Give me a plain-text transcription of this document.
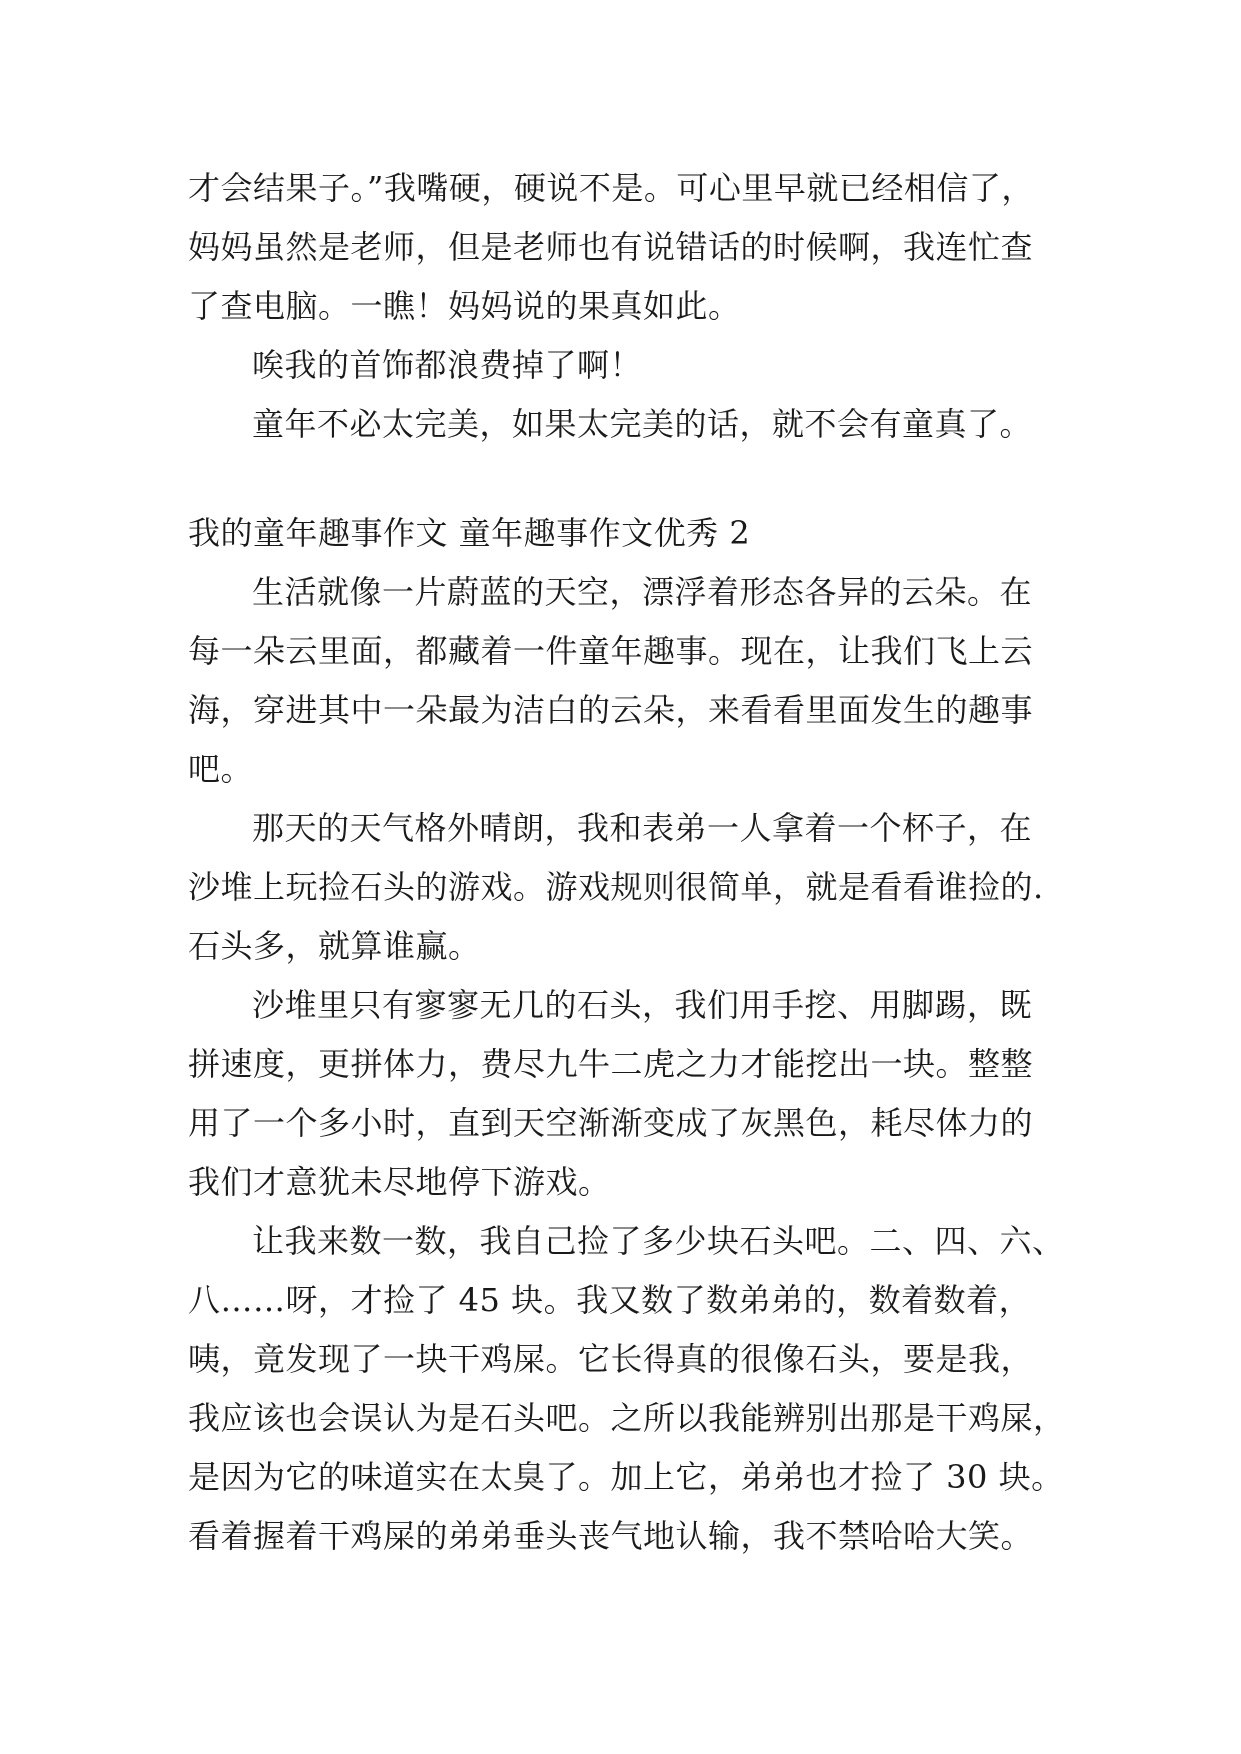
才会结果子。”我嘴硬，硬说不是。可心里早就已经相信了，
妈妈虽然是老师，但是老师也有说错话的时候啊，我连忙查
了查电脑。一瞧！妈妈说的果真如此。
唉我的首饰都浪费掉了啊！
童年不必太完美，如果太完美的话，就不会有童真了。
我的童年趣事作文 童年趣事作文优秀 2
生活就像一片蔚蓝的天空，漂浮着形态各异的云朵。在
每一朵云里面，都藏着一件童年趣事。现在，让我们飞上云
海，穿进其中一朵最为洁白的云朵，来看看里面发生的趣事
吧。
那天的天气格外晴朗，我和表弟一人拿着一个杯子，在
沙堆上玩捡石头的游戏。游戏规则很简单，就是看看谁捡的.
石头多，就算谁赢。
沙堆里只有寥寥无几的石头，我们用手挖、用脚踢，既
拼速度，更拼体力，费尽九牛二虎之力才能挖出一块。整整
用了一个多小时，直到天空渐渐变成了灰黑色，耗尽体力的
我们才意犹未尽地停下游戏。
让我来数一数，我自己捡了多少块石头吧。二、四、六、
八……呀，才捡了 45 块。我又数了数弟弟的，数着数着，
咦，竟发现了一块干鸡屎。它长得真的很像石头，要是我，
我应该也会误认为是石头吧。之所以我能辨别出那是干鸡屎，
是因为它的味道实在太臭了。加上它，弟弟也才捡了 30 块。
看着握着干鸡屎的弟弟垂头丧气地认输，我不禁哈哈大笑。
